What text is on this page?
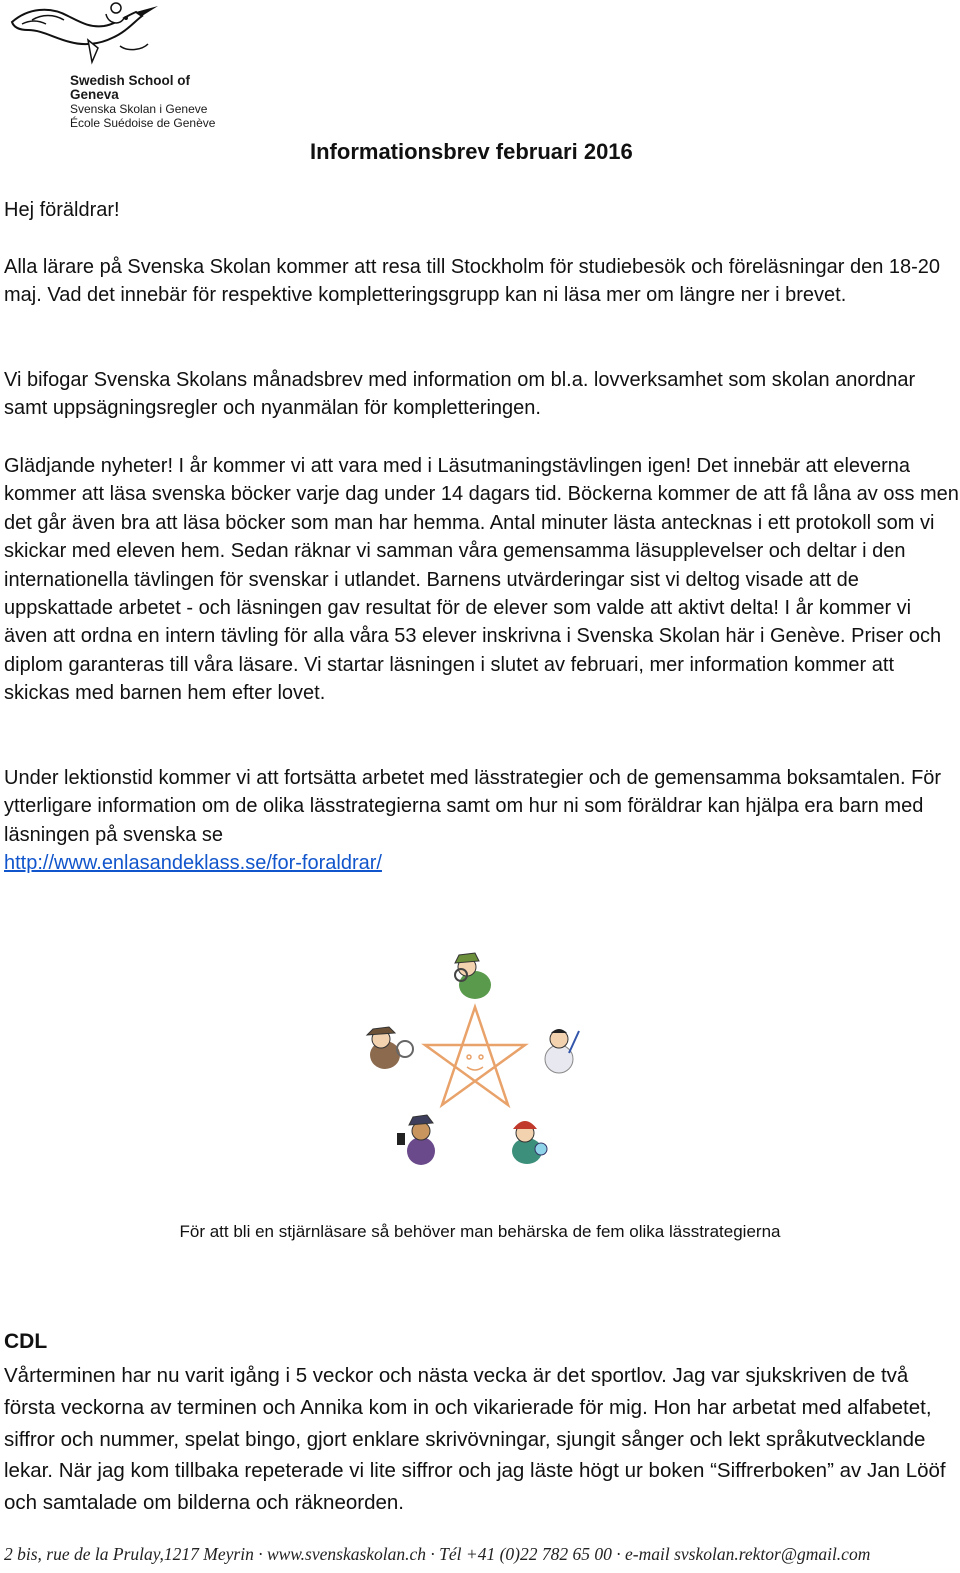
Swedish School of Geneva
Svenska Skolan i Geneve
École Suédoise de Genève
Informationsbrev februari 2016
Hej föräldrar!
Alla lärare på Svenska Skolan kommer att resa till Stockholm för studiebesök och föreläsningar den 18-20 maj. Vad det innebär för respektive kompletteringsgrupp kan ni läsa mer om längre ner i brevet.
Vi bifogar Svenska Skolans månadsbrev med information om bl.a. lovverksamhet som skolan anordnar samt uppsägningsregler och nyanmälan för kompletteringen.
Glädjande nyheter! I år kommer vi att vara med i Läsutmaningstävlingen igen! Det innebär att eleverna kommer att läsa svenska böcker varje dag under 14 dagars tid. Böckerna kommer de att få låna av oss men det går även bra att läsa böcker som man har hemma. Antal minuter lästa antecknas i ett protokoll som vi skickar med eleven hem. Sedan räknar vi samman våra gemensamma läsupplevelser och deltar i den internationella tävlingen för svenskar i utlandet. Barnens utvärderingar sist vi deltog visade att de uppskattade arbetet - och läsningen gav resultat för de elever som valde att aktivt delta! I år kommer vi även att ordna en intern tävling för alla våra 53 elever inskrivna i Svenska Skolan här i Genève. Priser och diplom garanteras till våra läsare. Vi startar läsningen i slutet av februari, mer information kommer att skickas med barnen hem efter lovet.
Under lektionstid kommer vi att fortsätta arbetet med lässtrategier och de gemensamma boksamtalen. För ytterligare information om de olika lässtrategierna samt om hur ni som föräldrar kan hjälpa era barn med läsningen på svenska se
http://www.enlasandeklass.se/for-foraldrar/
För att bli en stjärnläsare så behöver man behärska de fem olika lässtrategierna
CDL
Vårterminen har nu varit igång i 5 veckor och nästa vecka är det sportlov. Jag var sjukskriven de två första veckorna av terminen och Annika kom in och vikarierade för mig. Hon har arbetat med alfabetet, siffror och nummer, spelat bingo, gjort enklare skrivövningar, sjungit sånger och lekt språkutvecklande lekar. När jag kom tillbaka repeterade vi lite siffror och jag läste högt ur boken “Siffrerboken” av Jan Lööf och samtalade om bilderna och räkneorden.
2 bis, rue de la Prulay,1217 Meyrin · www.svenskaskolan.ch · Tél +41 (0)22 782 65 00 · e-mail svskolan.rektor@gmail.com
